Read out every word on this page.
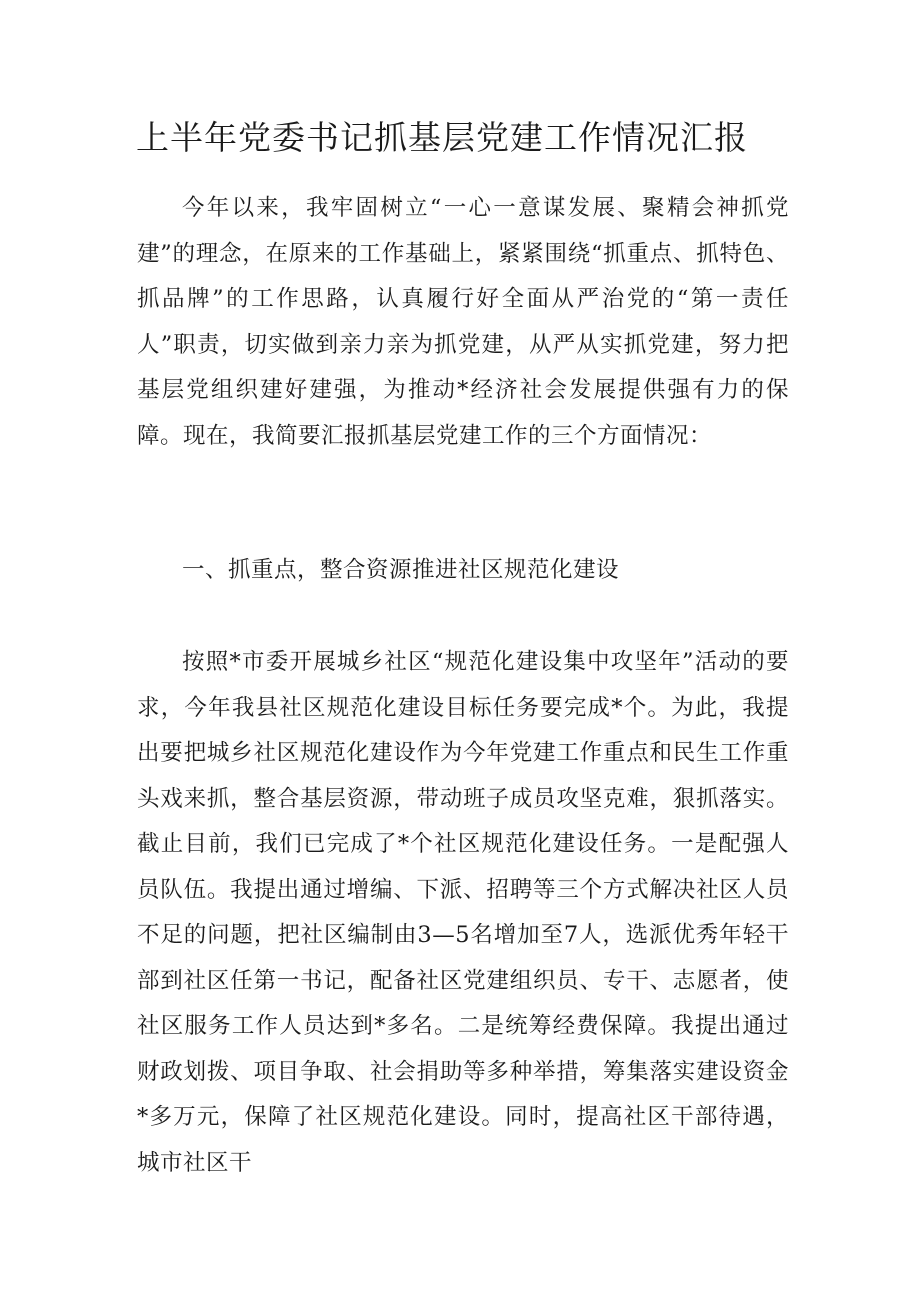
上半年党委书记抓基层党建工作情况汇报

今年以来，我牢固树立“一心一意谋发展、聚精会神抓党建”的理念，在原来的工作基础上，紧紧围绕“抓重点、抓特色、抓品牌”的工作思路，认真履行好全面从严治党的“第一责任人”职责，切实做到亲力亲为抓党建，从严从实抓党建，努力把基层党组织建好建强，为推动*经济社会发展提供强有力的保障。现在，我简要汇报抓基层党建工作的三个方面情况：

一、抓重点，整合资源推进社区规范化建设

按照*市委开展城乡社区“规范化建设集中攻坚年”活动的要求，今年我县社区规范化建设目标任务要完成*个。为此，我提出要把城乡社区规范化建设作为今年党建工作重点和民生工作重头戏来抓，整合基层资源，带动班子成员攻坚克难，狠抓落实。截止目前，我们已完成了*个社区规范化建设任务。一是配强人员队伍。我提出通过增编、下派、招聘等三个方式解决社区人员不足的问题，把社区编制由3—5名增加至7人，选派优秀年轻干部到社区任第一书记，配备社区党建组织员、专干、志愿者，使社区服务工作人员达到*多名。二是统筹经费保障。我提出通过财政划拨、项目争取、社会捐助等多种举措，筹集落实建设资金*多万元，保障了社区规范化建设。同时，提高社区干部待遇，城市社区干
